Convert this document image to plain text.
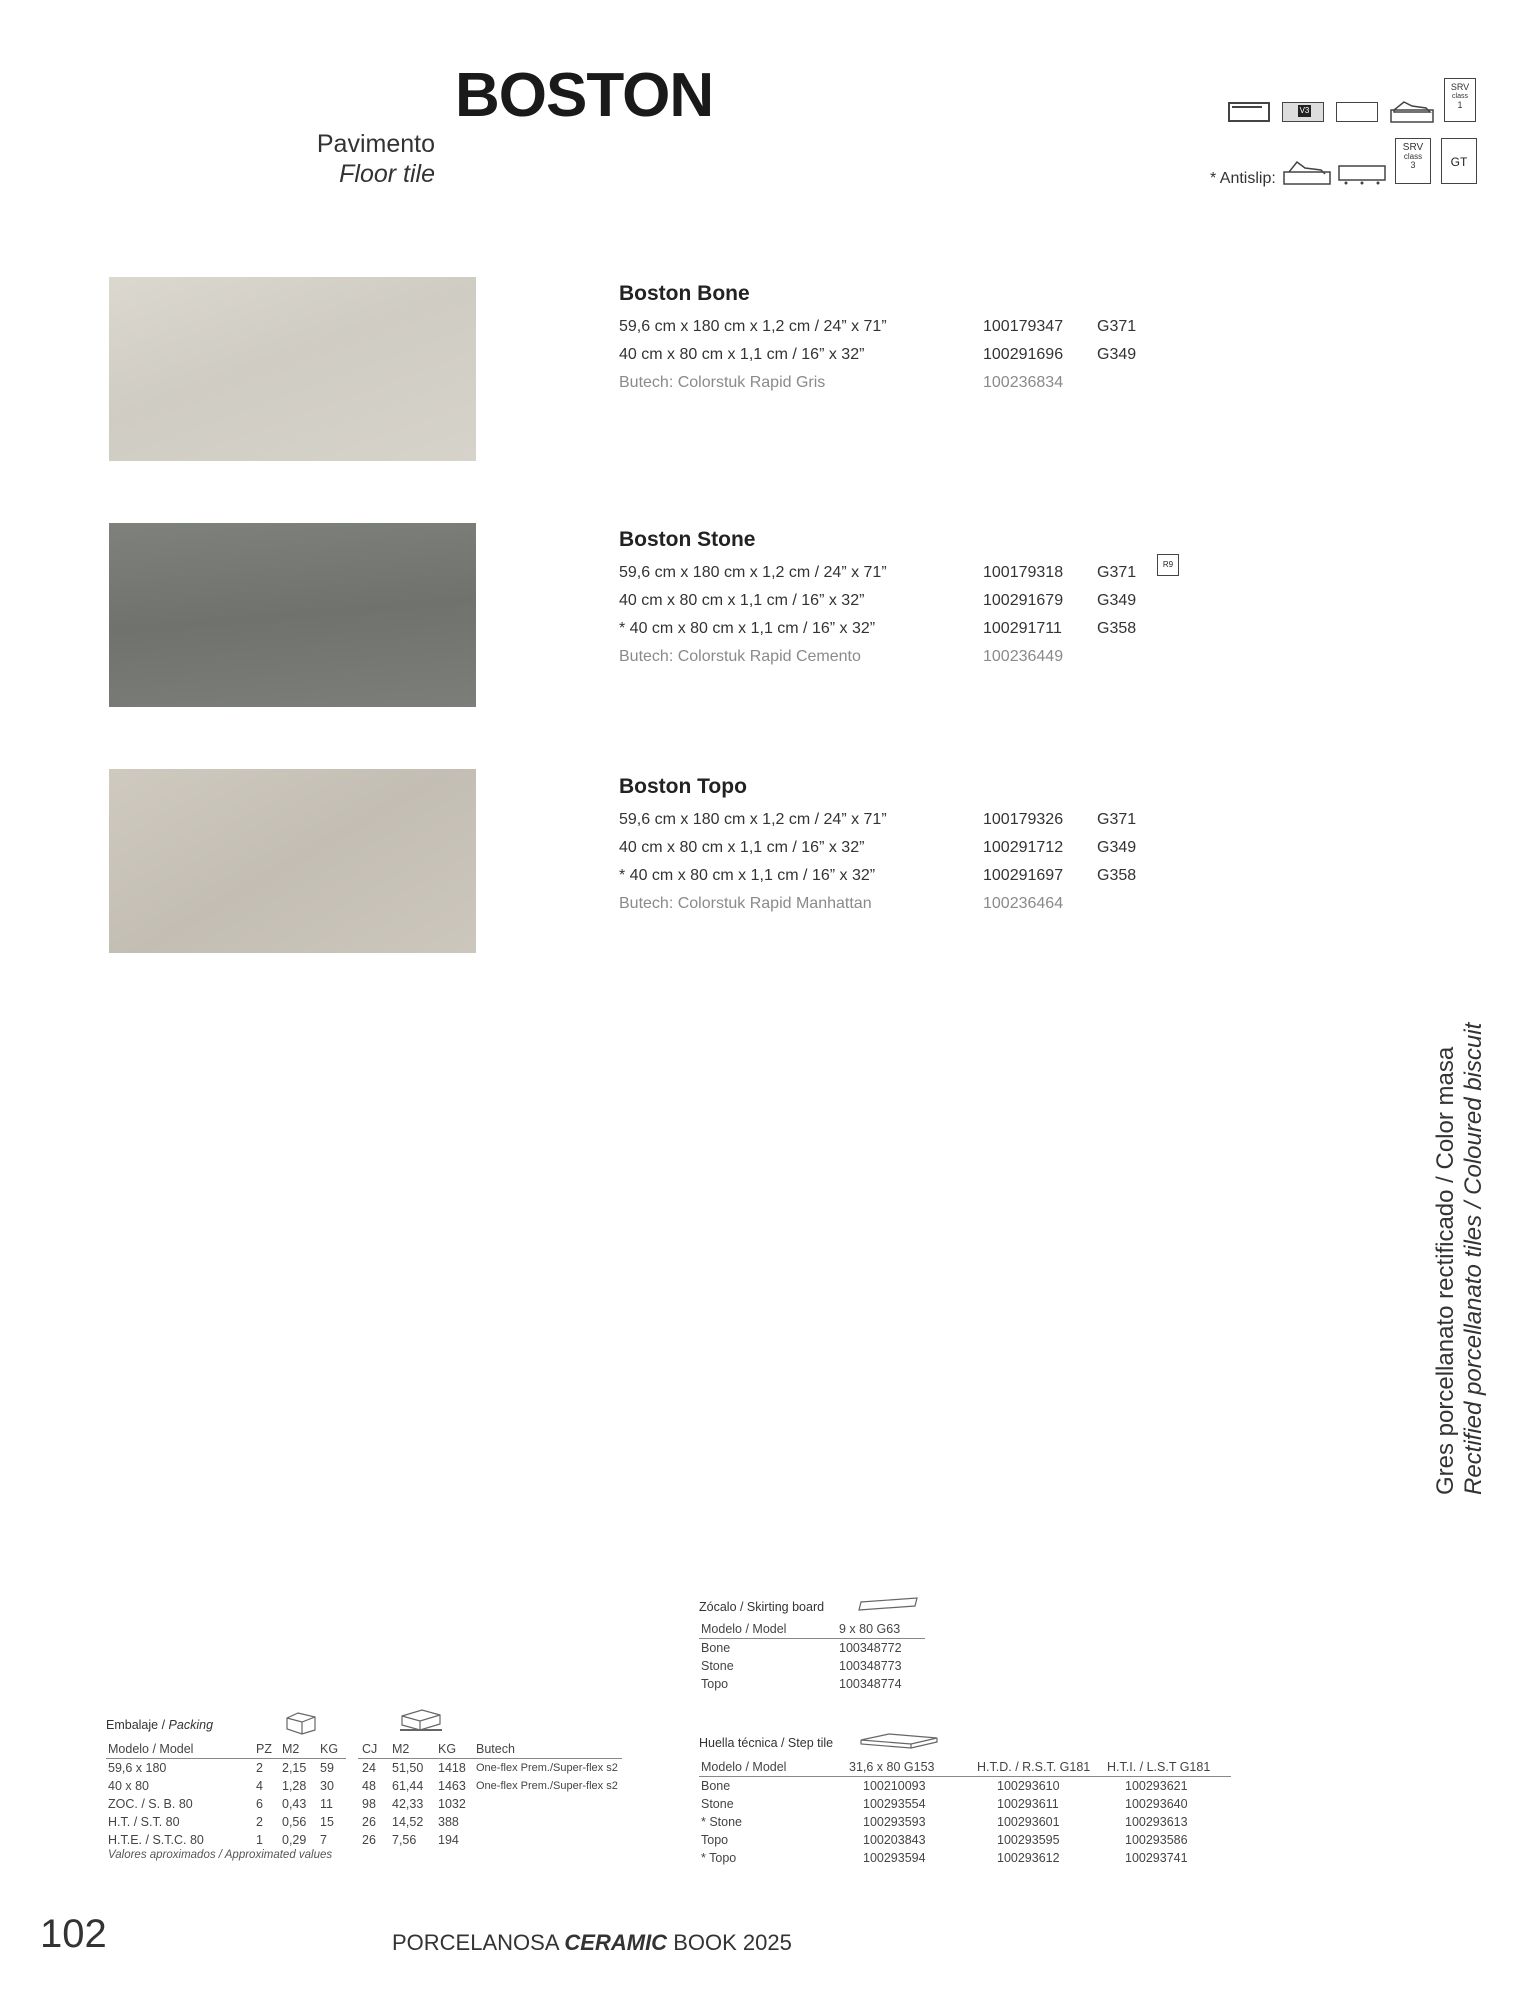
BOSTON
Pavimento
Floor tile
V3
SRV
class
1
* Antislip:
SRV
class
3	GT
Boston Bone
59,6 cm x 180 cm x 1,2 cm / 24” x 71”	100179347 G371
40 cm x 80 cm x 1,1 cm / 16” x 32”	100291696 G349
Butech: Colorstuk Rapid Gris	100236834
Boston Stone
59,6 cm x 180 cm x 1,2 cm / 24” x 71”	100179318 G371	R9
40 cm x 80 cm x 1,1 cm / 16” x 32”	100291679 G349
* 40 cm x 80 cm x 1,1 cm / 16” x 32”	100291711 G358
Butech: Colorstuk Rapid Cemento	100236449
Boston Topo
59,6 cm x 180 cm x 1,2 cm / 24” x 71”	100179326 G371
40 cm x 80 cm x 1,1 cm / 16” x 32”	100291712 G349
* 40 cm x 80 cm x 1,1 cm / 16” x 32”	100291697 G358
Butech: Colorstuk Rapid Manhattan	100236464
Gres porcellanato rectificado / Color masa Rectified porcellanato tiles / Coloured biscuit
Zócalo / Skirting board
Modelo / Model	9 x 80 G63
Bone	100348772
Stone	100348773
Topo	100348774
Embalaje / Packing
Modelo / Model	PZ	M2	KG		CJ	M2	KG	Butech
59,6 x 180	2	2,15	59		24	51,50	1418	One-flex Prem./Super-flex s2
40 x 80	4	1,28	30		48	61,44	1463	One-flex Prem./Super-flex s2
ZOC. / S. B. 80	6	0,43	11		98	42,33	1032	
H.T. / S.T. 80	2	0,56	15		26	14,52	388	
H.T.E. / S.T.C. 80	1	0,29	7		26	7,56	194	
Valores aproximados / Approximated values
Huella técnica / Step tile
Modelo / Model	31,6 x 80 G153	H.T.D. / R.S.T. G181	H.T.I. / L.S.T G181
Bone	100210093	100293610	100293621
Stone	100293554	100293611	100293640
* Stone	100293593	100293601	100293613
Topo	100203843	100293595	100293586
* Topo	100293594	100293612	100293741
102	PORCELANOSA CERAMIC BOOK 2025
